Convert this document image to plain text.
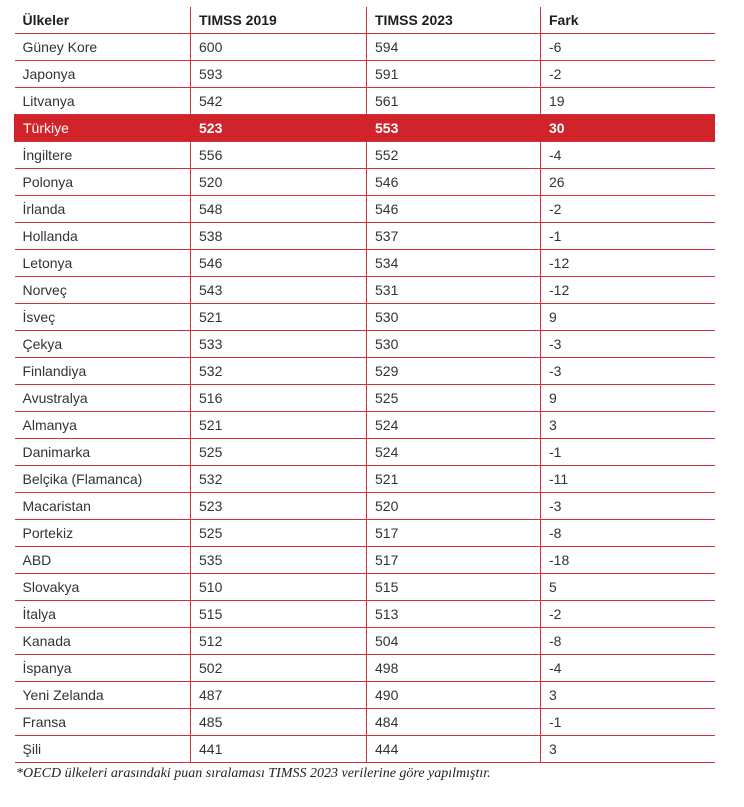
Ülkeler	TIMSS 2019	TIMSS 2023	Fark
Güney Kore	600	594	-6
Japonya	593	591	-2
Litvanya	542	561	19
Türkiye	523	553	30
İngiltere	556	552	-4
Polonya	520	546	26
İrlanda	548	546	-2
Hollanda	538	537	-1
Letonya	546	534	-12
Norveç	543	531	-12
İsveç	521	530	9
Çekya	533	530	-3
Finlandiya	532	529	-3
Avustralya	516	525	9
Almanya	521	524	3
Danimarka	525	524	-1
Belçika (Flamanca)	532	521	-11
Macaristan	523	520	-3
Portekiz	525	517	-8
ABD	535	517	-18
Slovakya	510	515	5
İtalya	515	513	-2
Kanada	512	504	-8
İspanya	502	498	-4
Yeni Zelanda	487	490	3
Fransa	485	484	-1
Şili	441	444	3
*OECD ülkeleri arasındaki puan sıralaması TIMSS 2023 verilerine göre yapılmıştır.
